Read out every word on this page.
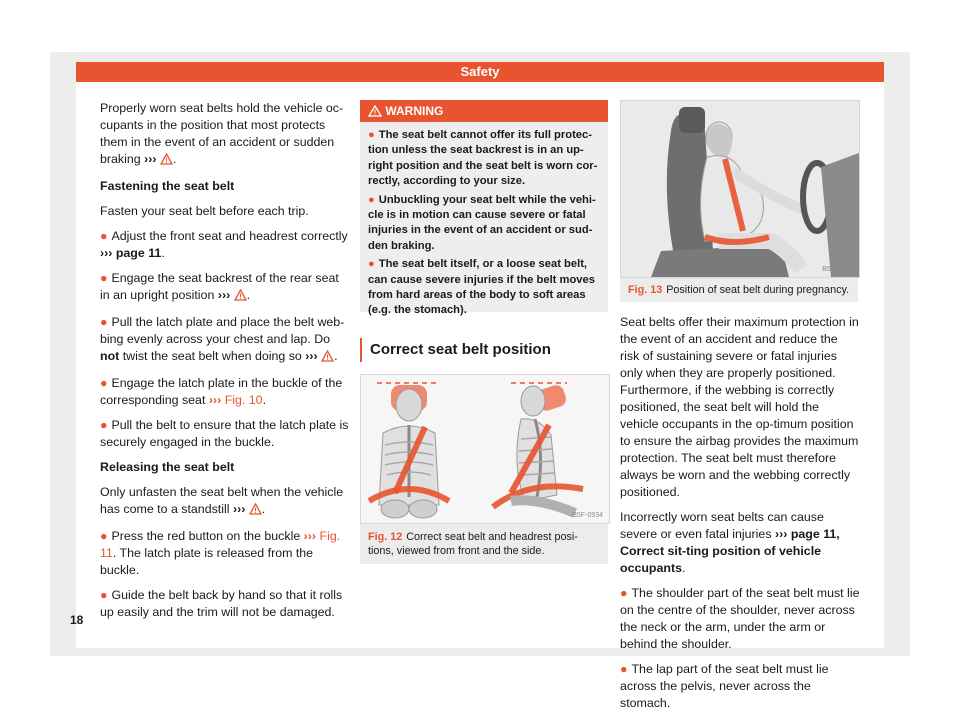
Safety

Properly worn seat belts hold the vehicle oc-cupants in the position that most protects them in the event of an accident or sudden braking ››› .

Fastening the seat belt

Fasten your seat belt before each trip.

● Adjust the front seat and headrest correctly ››› page 11.

● Engage the seat backrest of the rear seat in an upright position ››› .

● Pull the latch plate and place the belt web-bing evenly across your chest and lap. Do not twist the seat belt when doing so ››› .

● Engage the latch plate in the buckle of the corresponding seat ››› Fig. 10.

● Pull the belt to ensure that the latch plate is securely engaged in the buckle.

Releasing the seat belt

Only unfasten the seat belt when the vehicle has come to a standstill ››› .

● Press the red button on the buckle ››› Fig. 11. The latch plate is released from the buckle.

● Guide the belt back by hand so that it rolls up easily and the trim will not be damaged.

WARNING

● The seat belt cannot offer its full protec-tion unless the seat backrest is in an up-right position and the seat belt is worn cor-rectly, according to your size.

● Unbuckling your seat belt while the vehi-cle is in motion can cause severe or fatal injuries in the event of an accident or sud-den braking.

● The seat belt itself, or a loose seat belt, can cause severe injuries if the belt moves from hard areas of the body to soft areas (e.g. the stomach).

Correct seat belt position
B5F-0934
Fig. 12 Correct seat belt and headrest posi-tions, viewed from front and the side.
B5F-1057
Fig. 13 Position of seat belt during pregnancy.

Seat belts offer their maximum protection in the event of an accident and reduce the risk of sustaining severe or fatal injuries only when they are properly positioned. Furthermore, if the webbing is correctly positioned, the seat belt will hold the vehicle occupants in the op-timum position to ensure the airbag provides the maximum protection. The seat belt must therefore always be worn and the webbing correctly positioned.

Incorrectly worn seat belts can cause severe or even fatal injuries ››› page 11, Correct sit-ting position of vehicle occupants.

● The shoulder part of the seat belt must lie on the centre of the shoulder, never across the neck or the arm, under the arm or behind the shoulder.

● The lap part of the seat belt must lie across the pelvis, never across the stomach.

18
